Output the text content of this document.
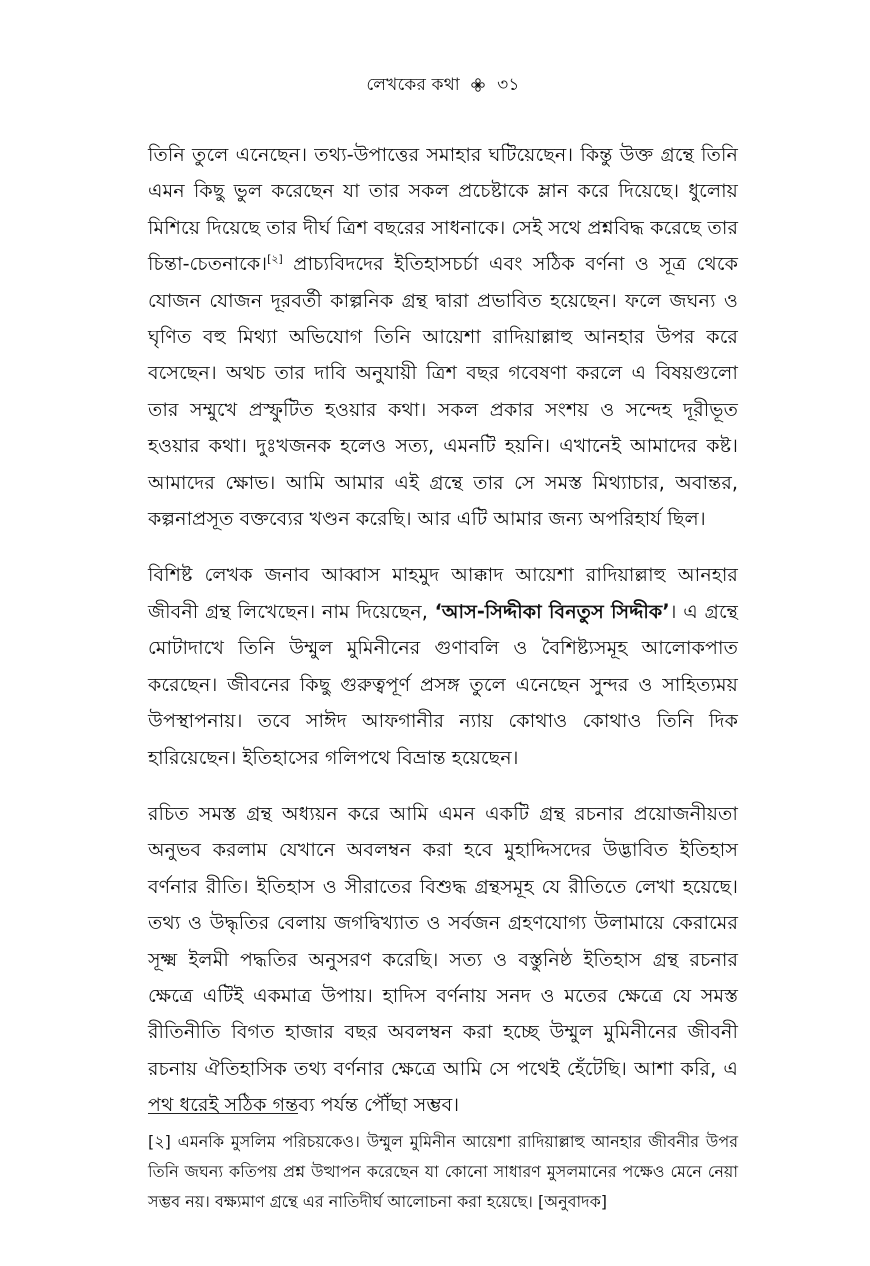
লেখকের কথা ৩১

তিনি তুলে এনেছেন। তথ্য-উপাত্তের সমাহার ঘটিয়েছেন। কিন্তু উক্ত গ্রন্থে তিনি এমন কিছু ভুল করেছেন যা তার সকল প্রচেষ্টাকে ম্লান করে দিয়েছে। ধুলোয় মিশিয়ে দিয়েছে তার দীর্ঘ ত্রিশ বছরের সাধনাকে। সেই সথে প্রশ্নবিদ্ধ করেছে তার চিন্তা-চেতনাকে।[২] প্রাচ্যবিদদের ইতিহাসচর্চা এবং সঠিক বর্ণনা ও সূত্র থেকে যোজন যোজন দূরবর্তী কাল্পনিক গ্রন্থ দ্বারা প্রভাবিত হয়েছেন। ফলে জঘন্য ও ঘৃণিত বহু মিথ্যা অভিযোগ তিনি আয়েশা রাদিয়াল্লাহু আনহার উপর করে বসেছেন। অথচ তার দাবি অনুযায়ী ত্রিশ বছর গবেষণা করলে এ বিষয়গুলো তার সম্মুখে প্রস্ফুটিত হওয়ার কথা। সকল প্রকার সংশয় ও সন্দেহ দূরীভূত হওয়ার কথা। দুঃখজনক হলেও সত্য, এমনটি হয়নি। এখানেই আমাদের কষ্ট। আমাদের ক্ষোভ। আমি আমার এই গ্রন্থে তার সে সমস্ত মিথ্যাচার, অবান্তর, কল্পনাপ্রসূত বক্তব্যের খণ্ডন করেছি। আর এটি আমার জন্য অপরিহার্য ছিল।

বিশিষ্ট লেখক জনাব আব্বাস মাহমুদ আক্কাদ আয়েশা রাদিয়াল্লাহু আনহার জীবনী গ্রন্থ লিখেছেন। নাম দিয়েছেন, ‘আস-সিদ্দীকা বিনতুস সিদ্দীক’। এ গ্রন্থে মোটাদাখে তিনি উম্মুল মুমিনীনের গুণাবলি ও বৈশিষ্ট্যসমূহ আলোকপাত করেছেন। জীবনের কিছু গুরুত্বপূর্ণ প্রসঙ্গ তুলে এনেছেন সুন্দর ও সাহিত্যময় উপস্থাপনায়। তবে সাঈদ আফগানীর ন্যায় কোথাও কোথাও তিনি দিক হারিয়েছেন। ইতিহাসের গলিপথে বিভ্রান্ত হয়েছেন।

রচিত সমস্ত গ্রন্থ অধ্যয়ন করে আমি এমন একটি গ্রন্থ রচনার প্রয়োজনীয়তা অনুভব করলাম যেখানে অবলম্বন করা হবে মুহাদ্দিসদের উদ্ভাবিত ইতিহাস বর্ণনার রীতি। ইতিহাস ও সীরাতের বিশুদ্ধ গ্রন্থসমূহ যে রীতিতে লেখা হয়েছে। তথ্য ও উদ্ধৃতির বেলায় জগদ্বিখ্যাত ও সর্বজন গ্রহণযোগ্য উলামায়ে কেরামের সূক্ষ্ম ইলমী পদ্ধতির অনুসরণ করেছি। সত্য ও বস্তুনিষ্ঠ ইতিহাস গ্রন্থ রচনার ক্ষেত্রে এটিই একমাত্র উপায়। হাদিস বর্ণনায় সনদ ও মতের ক্ষেত্রে যে সমস্ত রীতিনীতি বিগত হাজার বছর অবলম্বন করা হচ্ছে উম্মুল মুমিনীনের জীবনী রচনায় ঐতিহাসিক তথ্য বর্ণনার ক্ষেত্রে আমি সে পথেই হেঁটেছি। আশা করি, এ পথ ধরেই সঠিক গন্তব্য পর্যন্ত পৌঁছা সম্ভব।

[২] এমনকি মুসলিম পরিচয়কেও। উম্মুল মুমিনীন আয়েশা রাদিয়াল্লাহু আনহার জীবনীর উপর তিনি জঘন্য কতিপয় প্রশ্ন উত্থাপন করেছেন যা কোনো সাধারণ মুসলমানের পক্ষেও মেনে নেয়া সম্ভব নয়। বক্ষ্যমাণ গ্রন্থে এর নাতিদীর্ঘ আলোচনা করা হয়েছে। [অনুবাদক]
